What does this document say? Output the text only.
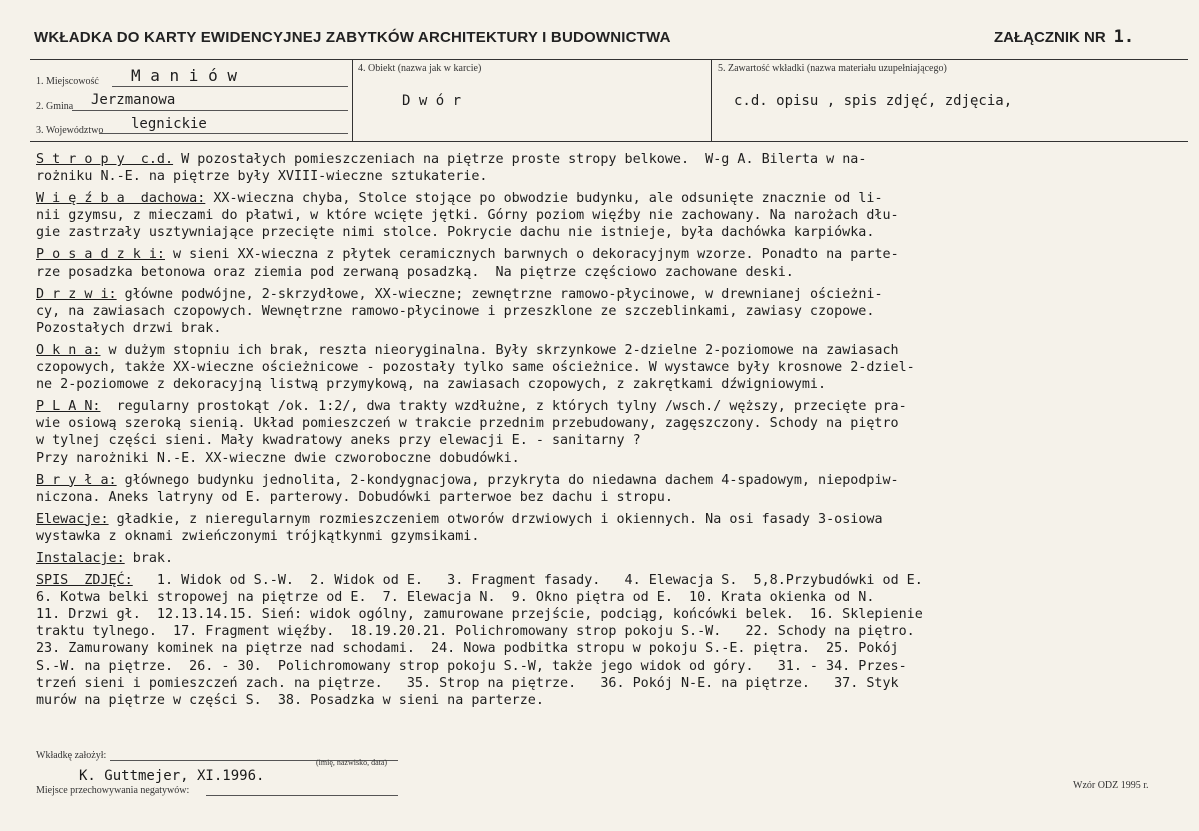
WKŁADKA DO KARTY EWIDENCYJNEJ ZABYTKÓW ARCHITEKTURY I BUDOWNICTWA	ZAŁĄCZNIK NR 1.
1. Miejscowość M a n i ó w
2. Gmina Jerzmanowa
3. Województwo legnickie
4. Obiekt (nazwa jak w karcie)
D w ó r
5. Zawartość wkładki (nazwa materiału uzupełniającego)
c.d. opisu , spis zdjęć, zdjęcia,
S t r o p y  c.d. W pozostałych pomieszczeniach na piętrze proste stropy belkowe.  W-g A. Bilerta w na-
rożniku N.-E. na piętrze były XVIII-wieczne sztukaterie.
W i ę ź b a  dachowa: XX-wieczna chyba, Stolce stojące po obwodzie budynku, ale odsunięte znacznie od li-
nii gzymsu, z mieczami do płatwi, w które wcięte jętki. Górny poziom więźby nie zachowany. Na narożach dłu-
gie zastrzały usztywniające przecięte nimi stolce. Pokrycie dachu nie istnieje, była dachówka karpiówka.
P o s a d z k i: w sieni XX-wieczna z płytek ceramicznych barwnych o dekoracyjnym wzorze. Ponadto na parte-
rze posadzka betonowa oraz ziemia pod zerwaną posadzką.  Na piętrze częściowo zachowane deski.
D r z w i: główne podwójne, 2-skrzydłowe, XX-wieczne; zewnętrzne ramowo-płycinowe, w drewnianej ościeżni-
cy, na zawiasach czopowych. Wewnętrzne ramowo-płycinowe i przeszklone ze szczeblinkami, zawiasy czopowe.
Pozostałych drzwi brak.
O k n a: w dużym stopniu ich brak, reszta nieoryginalna. Były skrzynkowe 2-dzielne 2-poziomowe na zawiasach
czopowych, także XX-wieczne ościeżnicowe - pozostały tylko same ościeżnice. W wystawce były krosnowe 2-dziel-
ne 2-poziomowe z dekoracyjną listwą przymykową, na zawiasach czopowych, z zakrętkami dźwigniowymi.
P L A N:  regularny prostokąt /ok. 1:2/, dwa trakty wzdłużne, z których tylny /wsch./ węższy, przecięte pra-
wie osiową szeroką sienią. Układ pomieszczeń w trakcie przednim przebudowany, zagęszczony. Schody na piętro
w tylnej części sieni. Mały kwadratowy aneks przy elewacji E. - sanitarny ?
Przy narożniki N.-E. XX-wieczne dwie czworoboczne dobudówki.
B r y ł a: głównego budynku jednolita, 2-kondygnacjowa, przykryta do niedawna dachem 4-spadowym, niepodpiw-
niczona. Aneks latryny od E. parterowy. Dobudówki parterwoe bez dachu i stropu.
Elewacje: gładkie, z nieregularnym rozmieszczeniem otworów drzwiowych i okiennych. Na osi fasady 3-osiowa
wystawka z oknami zwieńczonymi trójkątkynmi gzymsikami.
Instalacje: brak.
SPIS  ZDJĘĆ:   1. Widok od S.-W.  2. Widok od E.   3. Fragment fasady.   4. Elewacja S.  5,8.Przybudówki od E.
6. Kotwa belki stropowej na piętrze od E.  7. Elewacja N.  9. Okno piętra od E.  10. Krata okienka od N.
11. Drzwi gł.  12.13.14.15. Sień: widok ogólny, zamurowane przejście, podciąg, końcówki belek.  16. Sklepienie
traktu tylnego.  17. Fragment więźby.  18.19.20.21. Polichromowany strop pokoju S.-W.   22. Schody na piętro.
23. Zamurowany kominek na piętrze nad schodami.  24. Nowa podbitka stropu w pokoju S.-E. piętra.  25. Pokój
S.-W. na piętrze.  26. - 30.  Polichromowany strop pokoju S.-W, także jego widok od góry.   31. - 34. Przes-
trzeń sieni i pomieszczeń zach. na piętrze.   35. Strop na piętrze.   36. Pokój N-E. na piętrze.   37. Styk
murów na piętrze w części S.  38. Posadzka w sieni na parterze.
Wkładkę założył:
K. Guttmejer, XI.1996.
(imię, nazwisko, data)
Miejsce przechowywania negatywów:	Wzór ODZ 1995 r.
